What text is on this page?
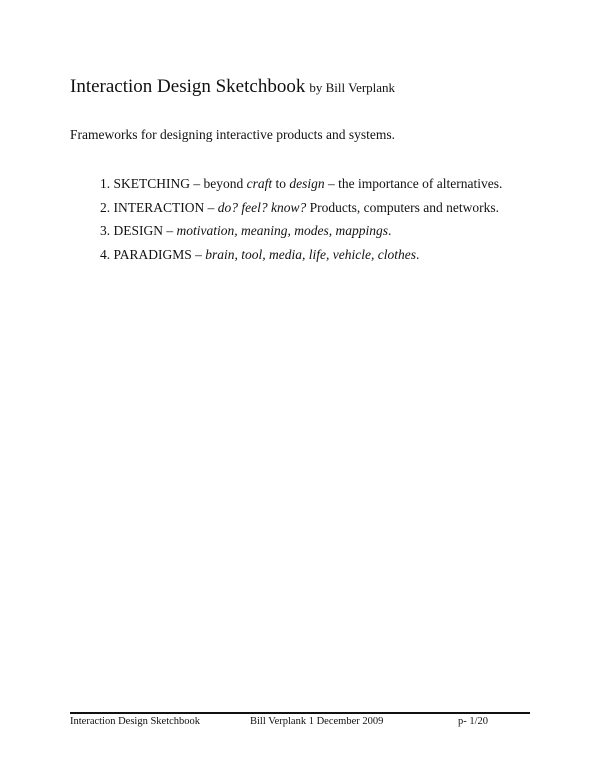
Interaction Design Sketchbook by Bill Verplank
Frameworks for designing interactive products and systems.
1. SKETCHING – beyond craft to design – the importance of alternatives.
2. INTERACTION – do? feel? know? Products, computers and networks.
3. DESIGN – motivation, meaning, modes, mappings.
4. PARADIGMS – brain, tool, media, life, vehicle, clothes.
Interaction Design Sketchbook	Bill Verplank 1 December 2009	p- 1/20
